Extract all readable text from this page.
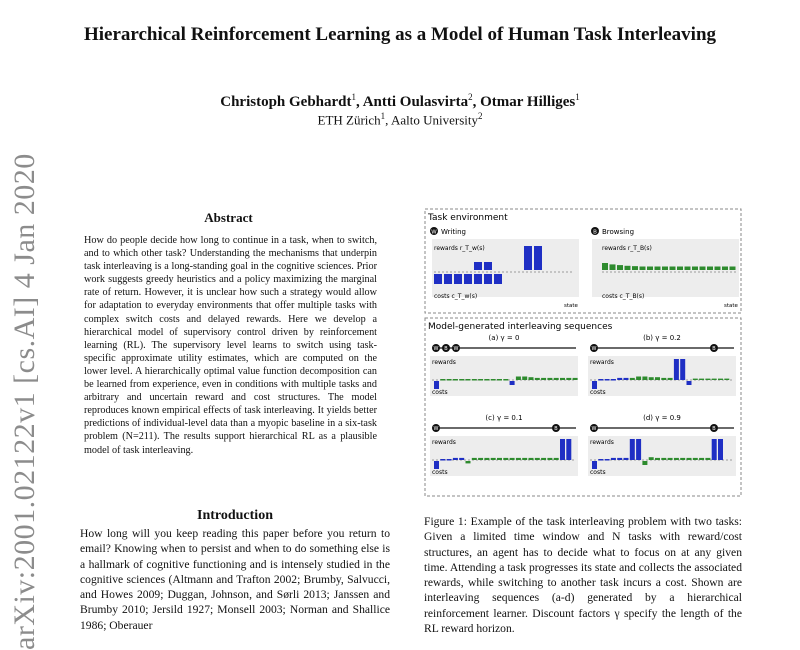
arXiv:2001.02122v1 [cs.AI] 4 Jan 2020
Hierarchical Reinforcement Learning as a Model of Human Task Interleaving
Christoph Gebhardt$^1$, Antti Oulasvirta$^2$, Otmar Hilliges$^1$
ETH Zürich$^1$, Aalto University$^2$
Abstract
How do people decide how long to continue in a task, when to switch, and to which other task? Understanding the mechanisms that underpin task interleaving is a long-standing goal in the cognitive sciences. Prior work suggests greedy heuristics and a policy maximizing the marginal rate of return. However, it is unclear how such a strategy would allow for adaptation to everyday environments that offer multiple tasks with complex switch costs and delayed rewards. Here we develop a hierarchical model of supervisory control driven by reinforcement learning (RL). The supervisory level learns to switch using task-specific approximate utility estimates, which are computed on the lower level. A hierarchically optimal value function decomposition can be learned from experience, even in conditions with multiple tasks and arbitrary and uncertain reward and cost structures. The model reproduces known empirical effects of task interleaving. It yields better predictions of individual-level data than a myopic baseline in a six-task problem (N=211). The results support hierarchical RL as a plausible model of task interleaving.
Introduction
How long will you keep reading this paper before you return to email? Knowing when to persist and when to do something else is a hallmark of cognitive functioning and is intensely studied in the cognitive sciences (Altmann and Trafton 2002; Brumby, Salvucci, and Howes 2009; Duggan, Johnson, and Sørli 2013; Janssen and Brumby 2010; Jersild 1927; Monsell 2003; Norman and Shallice 1986; Oberauer
Task environment
W Writing
rewards r_T_w(s)
costs c_T_w(s)
state
B Browsing
rewards r_T_B(s)
costs c_T_B(s)
state
Model-generated interleaving sequences
(a) γ = 0
W B W
rewards
costs
(b) γ = 0.2
W	B
rewards
costs
(c) γ = 0.1
W	B
rewards
costs
(d) γ = 0.9
W	B
rewards
costs
Figure 1: Example of the task interleaving problem with two tasks: Given a limited time window and N tasks with reward/cost structures, an agent has to decide what to focus on at any given time. Attending a task progresses its state and collects the associated rewards, while switching to another task incurs a cost. Shown are interleaving sequences (a-d) generated by a hierarchical reinforcement learner. Discount factors γ specify the length of the RL reward horizon.
